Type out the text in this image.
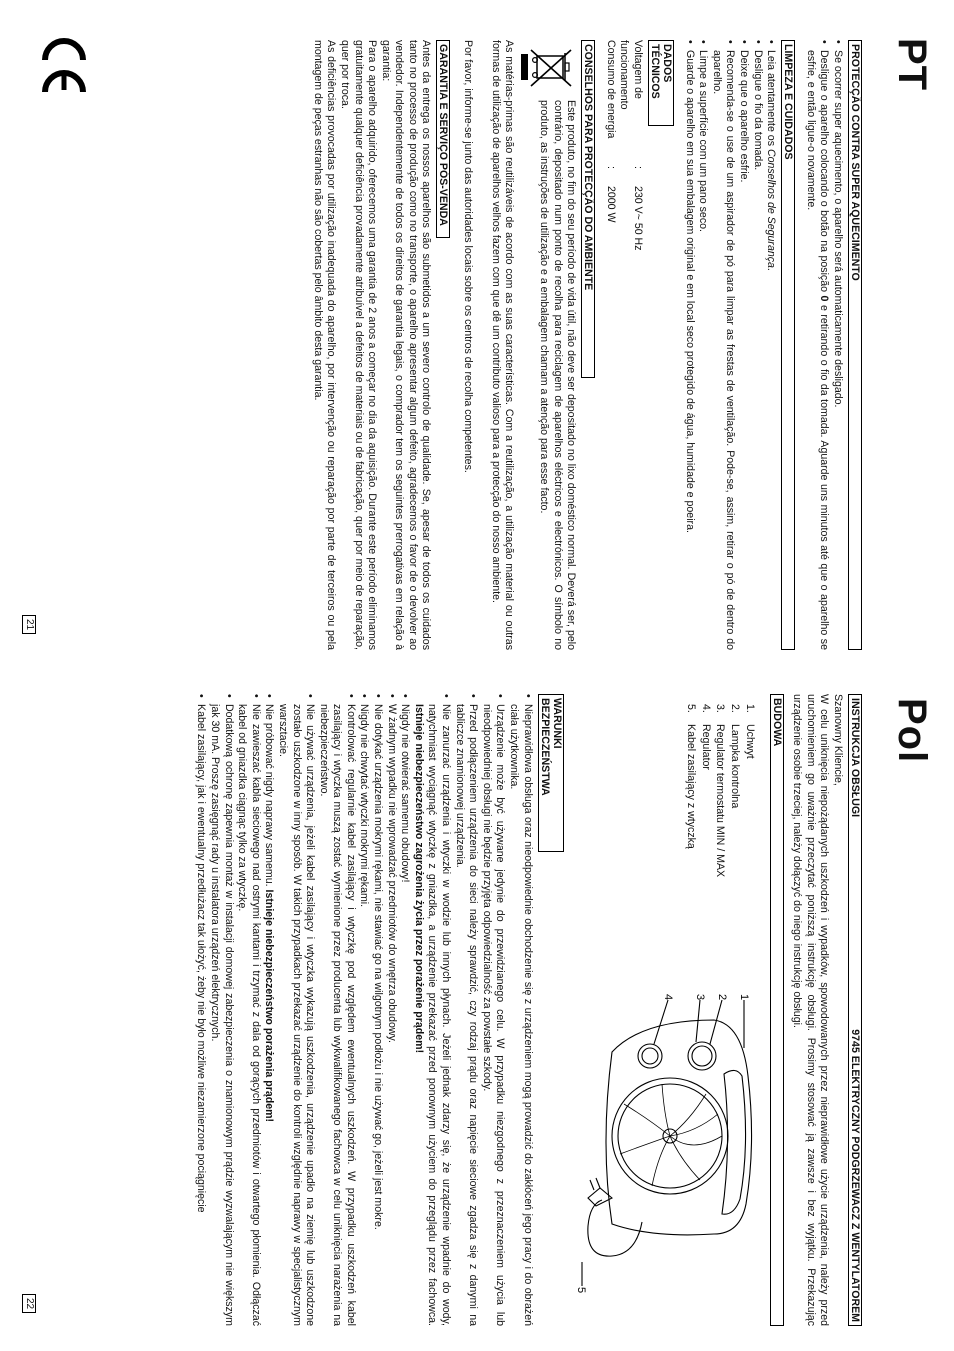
PT
PROTECÇÃO CONTRA SUPER AQUECIMENTO
• Se ocorrer super aquecimento, o aparelho será automaticamente desligado.
• Desligue o aparelho colocando o botão na posição 0 e retirando o fio da tomada. Aguarde uns minutos até que o aparelho se esfrie, e então ligue-o novamente.
LIMPEZA E CUIDADOS
• Leia atentamente os Conselhos de Segurança.
• Desligue o fio da tomada.
• Deixe que o aparelho esfrie.
• Recomenda-se o use de um aspirador de pó para limpar as frestas de ventilação. Pode-se, assim, retirar o pó de dentro do aparelho.
• Limpe a superfície com um pano seco.
• Guarde o aparelho em sua embalagem original e em local seco protegido de água, humidade e poeira.
DADOS TÉCNICOS
Voltagem de funcionamento
:
230 V~ 50 Hz
Consumo de energia
:
2000 W
CONSELHOS PARA PROTECÇÃO DO AMBIENTE

Este produto, no fim do seu período de vida útil, não deve ser depositado no lixo doméstico normal. Deverá ser, pelo contrário, depositado num ponto de recolha para reciclagem de aparelhos eléctricos e electrónicos. O símbolo no produto, as instruções de utilização e a embalagem chamam a atenção para esse facto.

As matérias-primas são reutilizáveis de acordo com as suas características. Com a reutilização, a utilização material ou outras formas de utilização de aparelhos velhos fazem com que dê um contributo valioso para a protecção do nosso ambiente.

Por favor, informe-se junto das autoridades locais sobre os centros de recolha competentes.

GARANTIA E SERVIÇO PÓS-VENDA

Antes da entrega os nossos aparelhos são submetidos a um severo controlo de qualidade. Se, apesar de todos os cuidados tanto no processo de produção como no transporte, o aparelho apresentar algum defeito, agradecemos o favor de o devolver ao vendedor. Independentemente de todos os direitos de garantia legais, o comprador tem os seguintes prerrogativas em relação à garantia:

Para o aparelho adquirido, oferecemos uma garantia de 2 anos a começar no dia da aquisição. Durante este período eliminamos gratuitamente qualquer deficiência provadamente atribuível a defeitos de materiais ou de fabricação, quer por meio de reparação, quer por troca.

As deficiências provocadas por utilização inadequada do aparelho, por intervenção ou reparação por parte de terceiros ou pela montagem de peças estranhas não são cobertas pelo âmbito desta garantia.

21
Pol
INSTRUKCJA OBSŁUGI
9745 ELEKTRYCZNY PODGRZEWACZ Z WENTYLATOREM

Szanowny Kliencie,

W celu uniknięcia niepożądanych uszkodzeń i wypadków, spowodowanych przez nieprawidłowe użycie urządzenia, należy przed uruchomieniem go uważnie przeczytać poniższą instrukcję obsługi. Prosimy stosować ją zawsze i bez wyjątku. Przekazując urządzenie osobie trzeciej, należy dołączyć do niego instrukcję obsługi.

BUDOWA
1.Uchwyt
2.Lampka kontrolna
3.Regulator termostatu MIN / MAX
4.Regulator
5.Kabel zasilający z wtyczką
1
2
3
4
5
WARUNKI BEZPIECZEŃSTWA
• Nieprawidłowa obsługa oraz nieodpowiednie obchodzenie się z urządzeniem mogą prowadzić do zakłóceń jego pracy i do obrażeń ciała użytkownika.
• Urządzenie może być używane jedynie do przewidzianego celu. W przypadku niezgodnego z przeznaczeniem użycia lub nieodpowiedniej obsługi nie będzie przyjęta odpowiedzialność za powstałe szkody.
• Przed podłączeniem urządzenia do sieci należy sprawdzić, czy rodzaj prądu oraz napięcie sieciowe zgadza się z danymi na tabliczce znamionowej urządzenia.
• Nie zanurzać urządzenia i wtyczki w wodzie lub innych płynach. Jeżeli jednak zdarzy się, że urządzenie wpadnie do wody, natychmiast wyciągnąć wtyczkę z gniazdka, a urządzenie przekazać przed ponownym użyciem do przeglądu przez fachowca. Istnieje niebezpieczeństwo zagrożenia życia przez porażenie prądem!
• Nigdy nie otwierać samemu obudowy!
• W żadnym wypadku nie wprowadzać przedmiotów do wnętrza obudowy.
• Nie dotykać urządzenia mokrymi rękami, nie stawiać go na wilgotnym podłożu i nie używać go, jeżeli jest mokre.
• Nigdy nie chwytać wtyczki mokrymi rękami.
• Kontrolować regularnie kabel zasilający i wtyczkę pod względem ewentualnych uszkodzeń. W przypadku uszkodzeń kabel zasilający i wtyczka muszą zostać wymienione przez producenta lub wykwalifikowanego fachowca w celu uniknięcia narażenia na niebezpieczeństwo.
• Nie używać urządzenia, jeżeli kabel zasilający i wtyczka wykazują uszkodzenia, urządzenie upadło na ziemię lub uszkodzone zostało uszkodzone w inny sposób. W takich przypadkach przekazać urządzenie do kontroli względnie naprawy w specjalistycznym warsztacie.
• Nie próbować nigdy naprawy samemu. Istnieje niebezpieczeństwo porażenia prądem!
• Nie zawieszać kabla sieciowego nad ostrymi kantami i trzymać z dala od gorących przedmiotów i otwartego płomienia. Odłączać kabel od gniazdka ciągnąc tylko za wtyczkę.
• Dodatkową ochronę zapewnia montaż w instalacji domowej zabezpieczenia o znamionowym prądzie wyzwalającym nie większym jak 30 mA. Proszę zasięgnąć rady u instalatora urządzeń elektrycznych.
• Kabel zasilający, jak i ewentualny przedłużacz tak ułożyć, żeby nie było możliwe niezamierzone pociągnięcie
22
